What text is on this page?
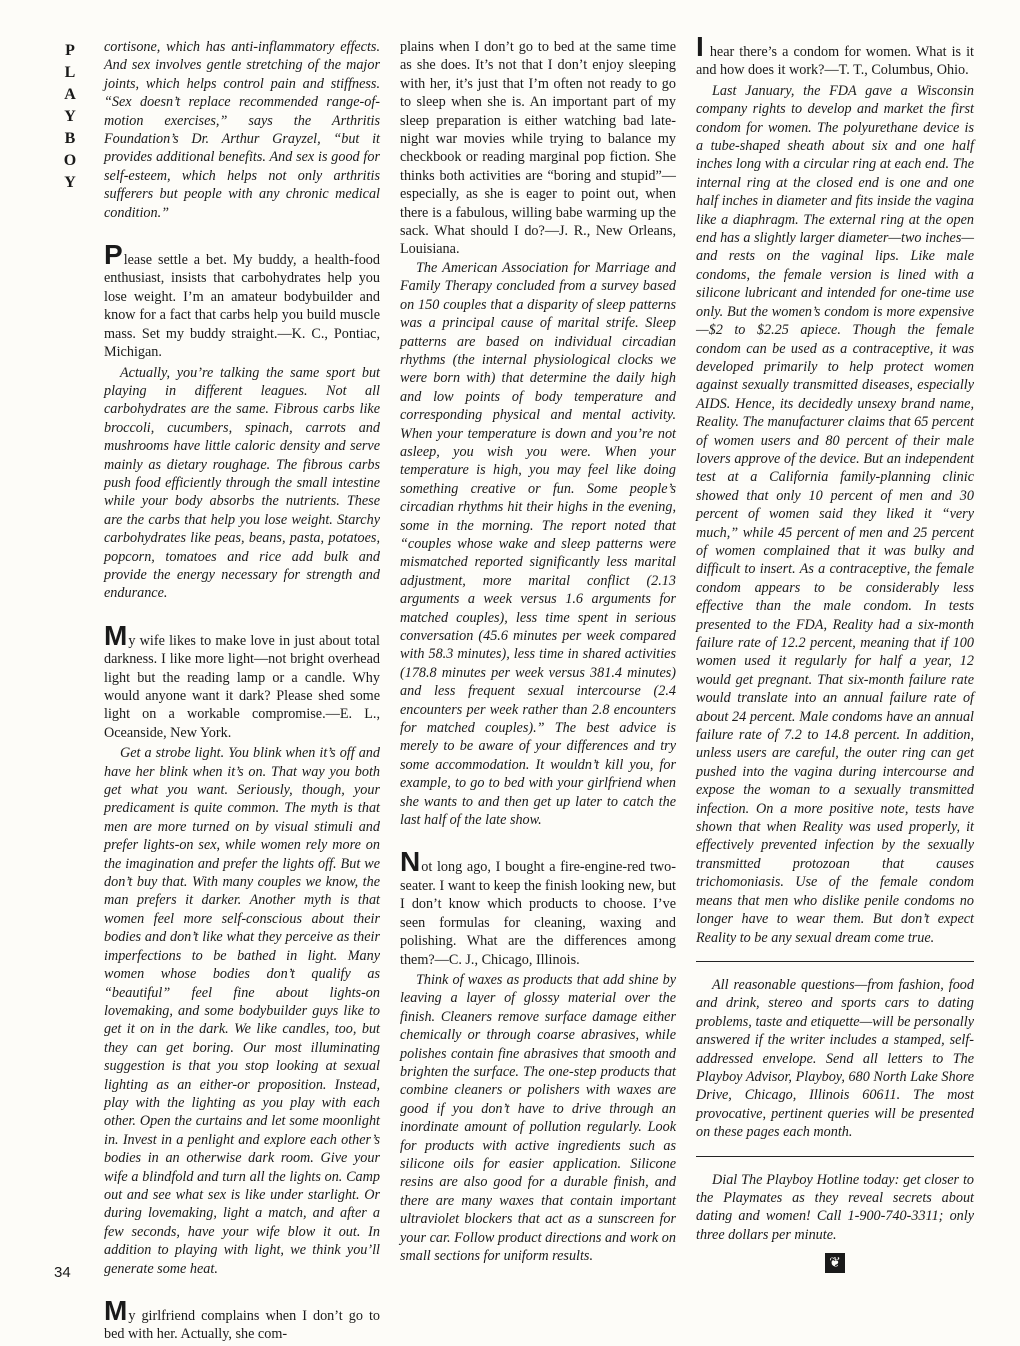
P
L
A
Y
B
O
Y

cortisone, which has anti-inflammatory effects. And sex involves gentle stretching of the major joints, which helps control pain and stiffness. “Sex doesn’t replace recommended range-of-motion exercises,” says the Arthritis Foundation’s Dr. Arthur Grayzel, “but it provides additional benefits. And sex is good for self-esteem, which helps not only arthritis sufferers but people with any chronic medical condition.”

Please settle a bet. My buddy, a health-food enthusiast, insists that carbohydrates help you lose weight. I’m an amateur bodybuilder and know for a fact that carbs help you build muscle mass. Set my buddy straight.—K. C., Pontiac, Michigan.

Actually, you’re talking the same sport but playing in different leagues. Not all carbohydrates are the same. Fibrous carbs like broccoli, cucumbers, spinach, carrots and mushrooms have little caloric density and serve mainly as dietary roughage. The fibrous carbs push food efficiently through the small intestine while your body absorbs the nutrients. These are the carbs that help you lose weight. Starchy carbohydrates like peas, beans, pasta, potatoes, popcorn, tomatoes and rice add bulk and provide the energy necessary for strength and endurance.

My wife likes to make love in just about total darkness. I like more light—not bright overhead light but the reading lamp or a candle. Why would anyone want it dark? Please shed some light on a workable compromise.—E. L., Oceanside, New York.

Get a strobe light. You blink when it’s off and have her blink when it’s on. That way you both get what you want. Seriously, though, your predicament is quite common. The myth is that men are more turned on by visual stimuli and prefer lights-on sex, while women rely more on the imagination and prefer the lights off. But we don’t buy that. With many couples we know, the man prefers it darker. Another myth is that women feel more self-conscious about their bodies and don’t like what they perceive as their imperfections to be bathed in light. Many women whose bodies don’t qualify as “beautiful” feel fine about lights-on lovemaking, and some bodybuilder guys like to get it on in the dark. We like candles, too, but they can get boring. Our most illuminating suggestion is that you stop looking at sexual lighting as an either-or proposition. Instead, play with the lighting as you play with each other. Open the curtains and let some moonlight in. Invest in a penlight and explore each other’s bodies in an otherwise dark room. Give your wife a blindfold and turn all the lights on. Camp out and see what sex is like under starlight. Or during lovemaking, light a match, and after a few seconds, have your wife blow it out. In addition to playing with light, we think you’ll generate some heat.

My girlfriend complains when I don’t go to bed with her. Actually, she com-

plains when I don’t go to bed at the same time as she does. It’s not that I don’t enjoy sleeping with her, it’s just that I’m often not ready to go to sleep when she is. An important part of my sleep preparation is either watching bad late-night war movies while trying to balance my checkbook or reading marginal pop fiction. She thinks both activities are “boring and stupid”—especially, as she is eager to point out, when there is a fabulous, willing babe warming up the sack. What should I do?—J. R., New Orleans, Louisiana.

The American Association for Marriage and Family Therapy concluded from a survey based on 150 couples that a disparity of sleep patterns was a principal cause of marital strife. Sleep patterns are based on individual circadian rhythms (the internal physiological clocks we were born with) that determine the daily high and low points of body temperature and corresponding physical and mental activity. When your temperature is down and you’re not asleep, you wish you were. When your temperature is high, you may feel like doing something creative or fun. Some people’s circadian rhythms hit their highs in the evening, some in the morning. The report noted that “couples whose wake and sleep patterns were mismatched reported significantly less marital adjustment, more marital conflict (2.13 arguments a week versus 1.6 arguments for matched couples), less time spent in serious conversation (45.6 minutes per week compared with 58.3 minutes), less time in shared activities (178.8 minutes per week versus 381.4 minutes) and less frequent sexual intercourse (2.4 encounters per week rather than 2.8 encounters for matched couples).” The best advice is merely to be aware of your differences and try some accommodation. It wouldn’t kill you, for example, to go to bed with your girlfriend when she wants to and then get up later to catch the last half of the late show.

Not long ago, I bought a fire-engine-red two-seater. I want to keep the finish looking new, but I don’t know which products to choose. I’ve seen formulas for cleaning, waxing and polishing. What are the differences among them?—C. J., Chicago, Illinois.

Think of waxes as products that add shine by leaving a layer of glossy material over the finish. Cleaners remove surface damage either chemically or through coarse abrasives, while polishes contain fine abrasives that smooth and brighten the surface. The one-step products that combine cleaners or polishers with waxes are good if you don’t have to drive through an inordinate amount of pollution regularly. Look for products with active ingredients such as silicone oils for easier application. Silicone resins are also good for a durable finish, and there are many waxes that contain important ultraviolet blockers that act as a sunscreen for your car. Follow product directions and work on small sections for uniform results.

I hear there’s a condom for women. What is it and how does it work?—T. T., Columbus, Ohio.

Last January, the FDA gave a Wisconsin company rights to develop and market the first condom for women. The polyurethane device is a tube-shaped sheath about six and one half inches long with a circular ring at each end. The internal ring at the closed end is one and one half inches in diameter and fits inside the vagina like a diaphragm. The external ring at the open end has a slightly larger diameter—two inches—and rests on the vaginal lips. Like male condoms, the female version is lined with a silicone lubricant and intended for one-time use only. But the women’s condom is more expensive—$2 to $2.25 apiece. Though the female condom can be used as a contraceptive, it was developed primarily to help protect women against sexually transmitted diseases, especially AIDS. Hence, its decidedly unsexy brand name, Reality. The manufacturer claims that 65 percent of women users and 80 percent of their male lovers approve of the device. But an independent test at a California family-planning clinic showed that only 10 percent of men and 30 percent of women said they liked it “very much,” while 45 percent of men and 25 percent of women complained that it was bulky and difficult to insert. As a contraceptive, the female condom appears to be considerably less effective than the male condom. In tests presented to the FDA, Reality had a six-month failure rate of 12.2 percent, meaning that if 100 women used it regularly for half a year, 12 would get pregnant. That six-month failure rate would translate into an annual failure rate of about 24 percent. Male condoms have an annual failure rate of 7.2 to 14.8 percent. In addition, unless users are careful, the outer ring can get pushed into the vagina during intercourse and expose the woman to a sexually transmitted infection. On a more positive note, tests have shown that when Reality was used properly, it effectively prevented infection by the sexually transmitted protozoan that causes trichomoniasis. Use of the female condom means that men who dislike penile condoms no longer have to wear them. But don’t expect Reality to be any sexual dream come true.

All reasonable questions—from fashion, food and drink, stereo and sports cars to dating problems, taste and etiquette—will be personally answered if the writer includes a stamped, self-addressed envelope. Send all letters to The Playboy Advisor, Playboy, 680 North Lake Shore Drive, Chicago, Illinois 60611. The most provocative, pertinent queries will be presented on these pages each month.

Dial The Playboy Hotline today: get closer to the Playmates as they reveal secrets about dating and women! Call 1-900-740-3311; only three dollars per minute.

❦
34
